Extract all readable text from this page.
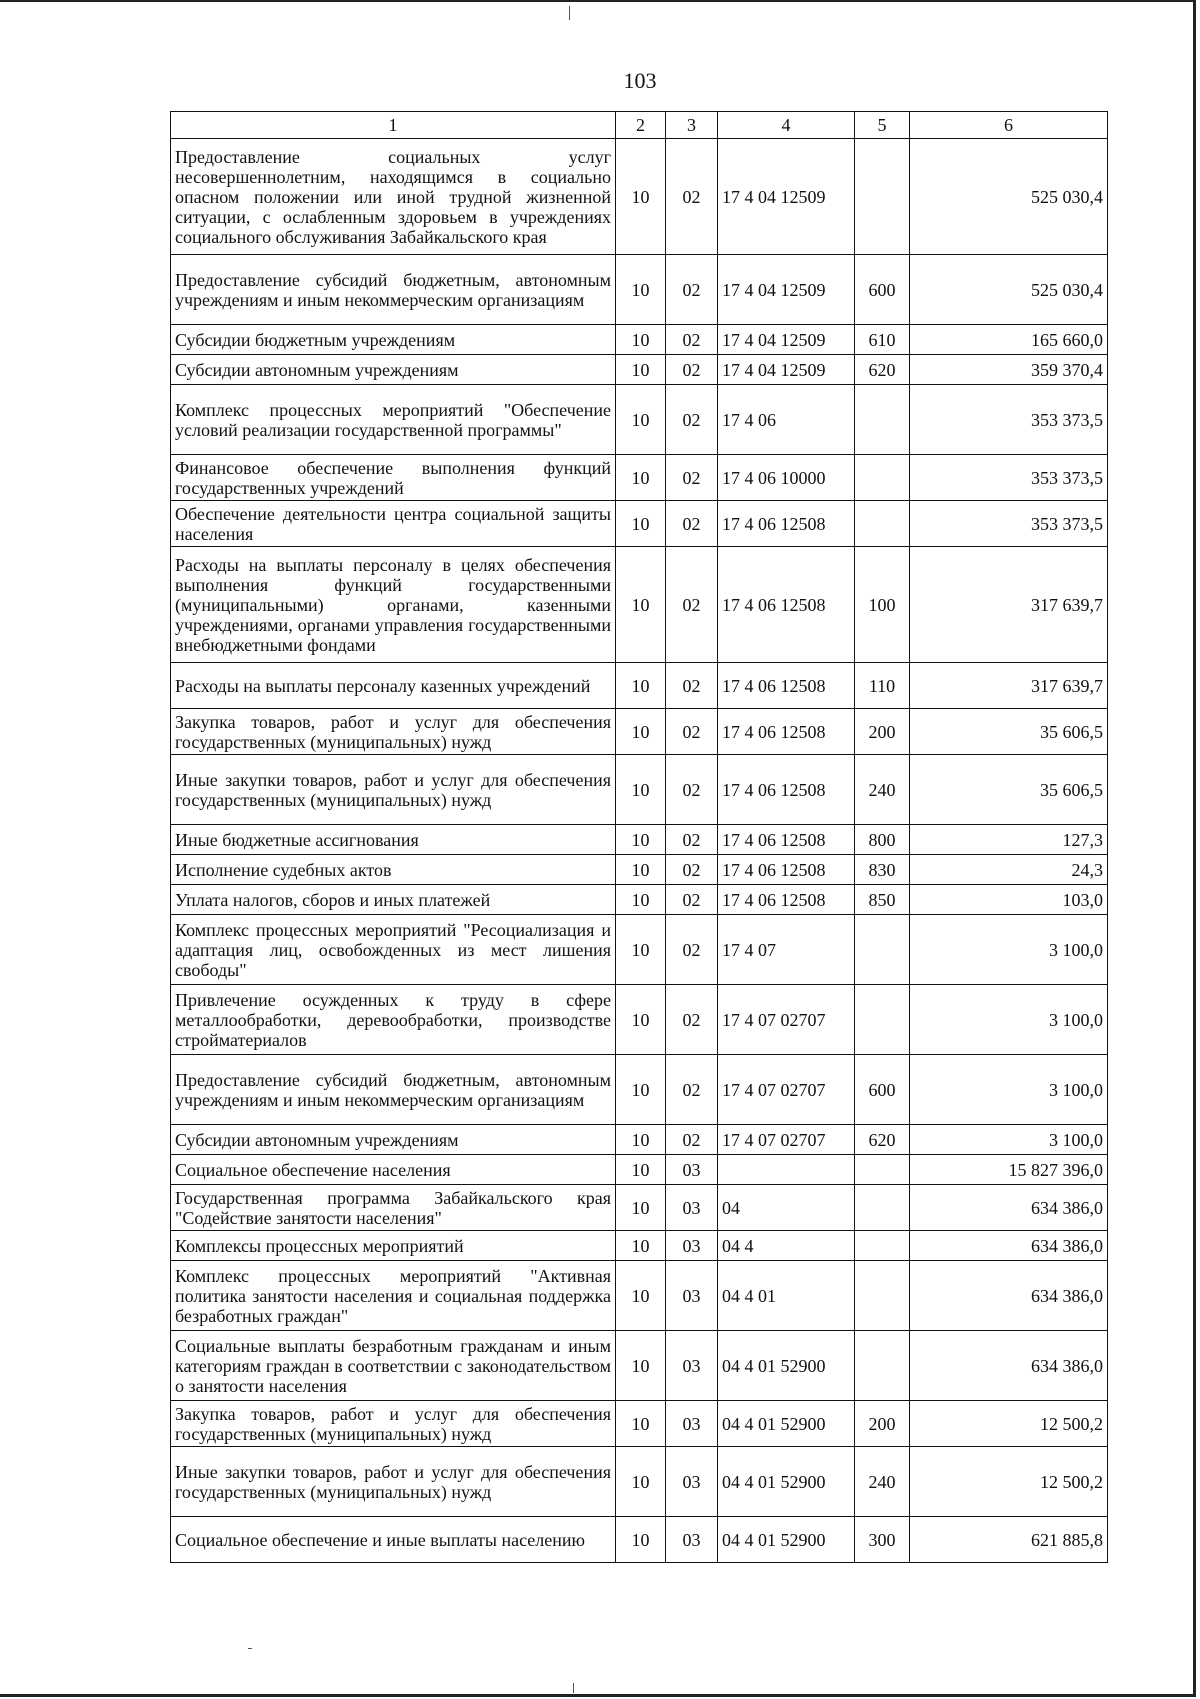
103
1	2	3	4	5	6
Предоставление социальных услуг несовершеннолетним, находящимся в социально опасном положении или иной трудной жизненной ситуации, с ослабленным здоровьем в учреждениях социального обслуживания Забайкальского края	10	02	17 4 04 12509		525 030,4
Предоставление субсидий бюджетным, автономным учреждениям и иным некоммерческим организациям	10	02	17 4 04 12509	600	525 030,4
Субсидии бюджетным учреждениям	10	02	17 4 04 12509	610	165 660,0
Субсидии автономным учреждениям	10	02	17 4 04 12509	620	359 370,4
Комплекс процессных мероприятий "Обеспечение условий реализации государственной программы"	10	02	17 4 06		353 373,5
Финансовое обеспечение выполнения функций государственных учреждений	10	02	17 4 06 10000		353 373,5
Обеспечение деятельности центра социальной защиты населения	10	02	17 4 06 12508		353 373,5
Расходы на выплаты персоналу в целях обеспечения выполнения функций государственными (муниципальными) органами, казенными учреждениями, органами управления государственными внебюджетными фондами	10	02	17 4 06 12508	100	317 639,7
Расходы на выплаты персоналу казенных учреждений	10	02	17 4 06 12508	110	317 639,7
Закупка товаров, работ и услуг для обеспечения государственных (муниципальных) нужд	10	02	17 4 06 12508	200	35 606,5
Иные закупки товаров, работ и услуг для обеспечения государственных (муниципальных) нужд	10	02	17 4 06 12508	240	35 606,5
Иные бюджетные ассигнования	10	02	17 4 06 12508	800	127,3
Исполнение судебных актов	10	02	17 4 06 12508	830	24,3
Уплата налогов, сборов и иных платежей	10	02	17 4 06 12508	850	103,0
Комплекс процессных мероприятий "Ресоциализация и адаптация лиц, освобожденных из мест лишения свободы"	10	02	17 4 07		3 100,0
Привлечение осужденных к труду в сфере металлообработки, деревообработки, производстве стройматериалов	10	02	17 4 07 02707		3 100,0
Предоставление субсидий бюджетным, автономным учреждениям и иным некоммерческим организациям	10	02	17 4 07 02707	600	3 100,0
Субсидии автономным учреждениям	10	02	17 4 07 02707	620	3 100,0
Социальное обеспечение населения	10	03			15 827 396,0
Государственная программа Забайкальского края "Содействие занятости населения"	10	03	04		634 386,0
Комплексы процессных мероприятий	10	03	04 4		634 386,0
Комплекс процессных мероприятий "Активная политика занятости населения и социальная поддержка безработных граждан"	10	03	04 4 01		634 386,0
Социальные выплаты безработным гражданам и иным категориям граждан в соответствии с законодательством о занятости населения	10	03	04 4 01 52900		634 386,0
Закупка товаров, работ и услуг для обеспечения государственных (муниципальных) нужд	10	03	04 4 01 52900	200	12 500,2
Иные закупки товаров, работ и услуг для обеспечения государственных (муниципальных) нужд	10	03	04 4 01 52900	240	12 500,2
Социальное обеспечение и иные выплаты населению	10	03	04 4 01 52900	300	621 885,8
